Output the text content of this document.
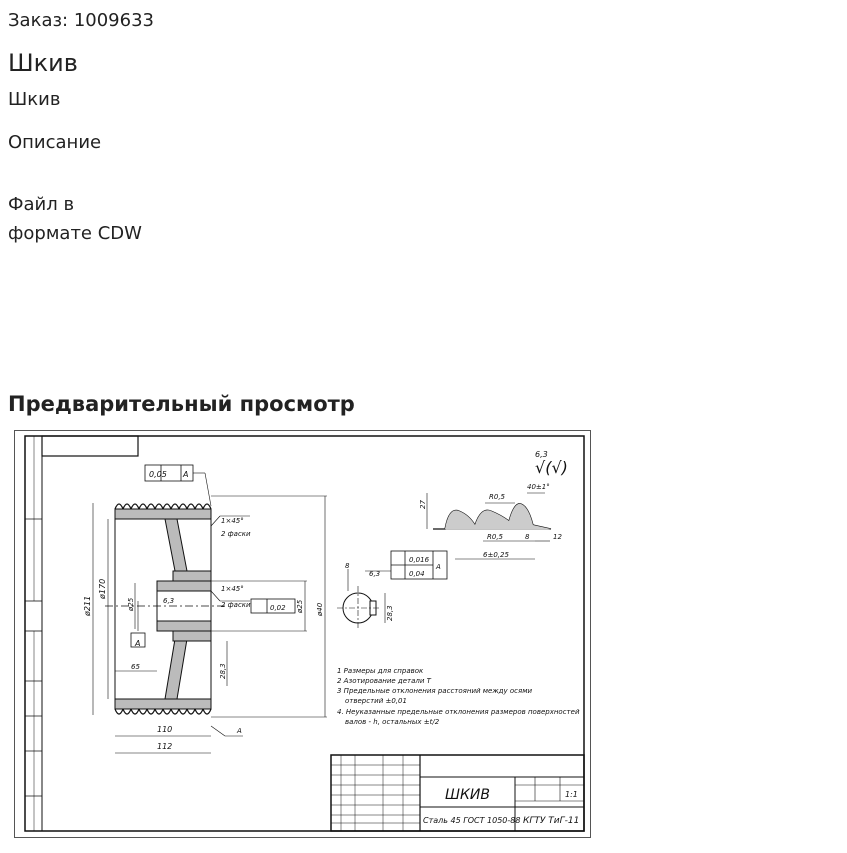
Заказ: 1009633
Шкив
Шкив
Описание
Файл в
формате CDW
Предварительный просмотр
0,05 А
1×45°
2 фаски
1×45°
2 фаски	0,02
А
110
112
65
А
6,3
ø211
ø170
ø25	ø40
ø25
28,3
8
6,3
0,016
0,04
А
28,3
R0,5
40±1°
R0,5	8	12
6±0,25
27
6,3
√(√)
1 Размеры для справок
2 Азотирование детали Т
3 Предельные отклонения расстояний между осями
отверстий ±0,01
4. Неуказанные предельные отклонения размеров поверхностей
валов - h, остальных ±t/2
ШКИВ
Сталь 45 ГОСТ 1050-88 КГТУ ТиГ-11
1:1
